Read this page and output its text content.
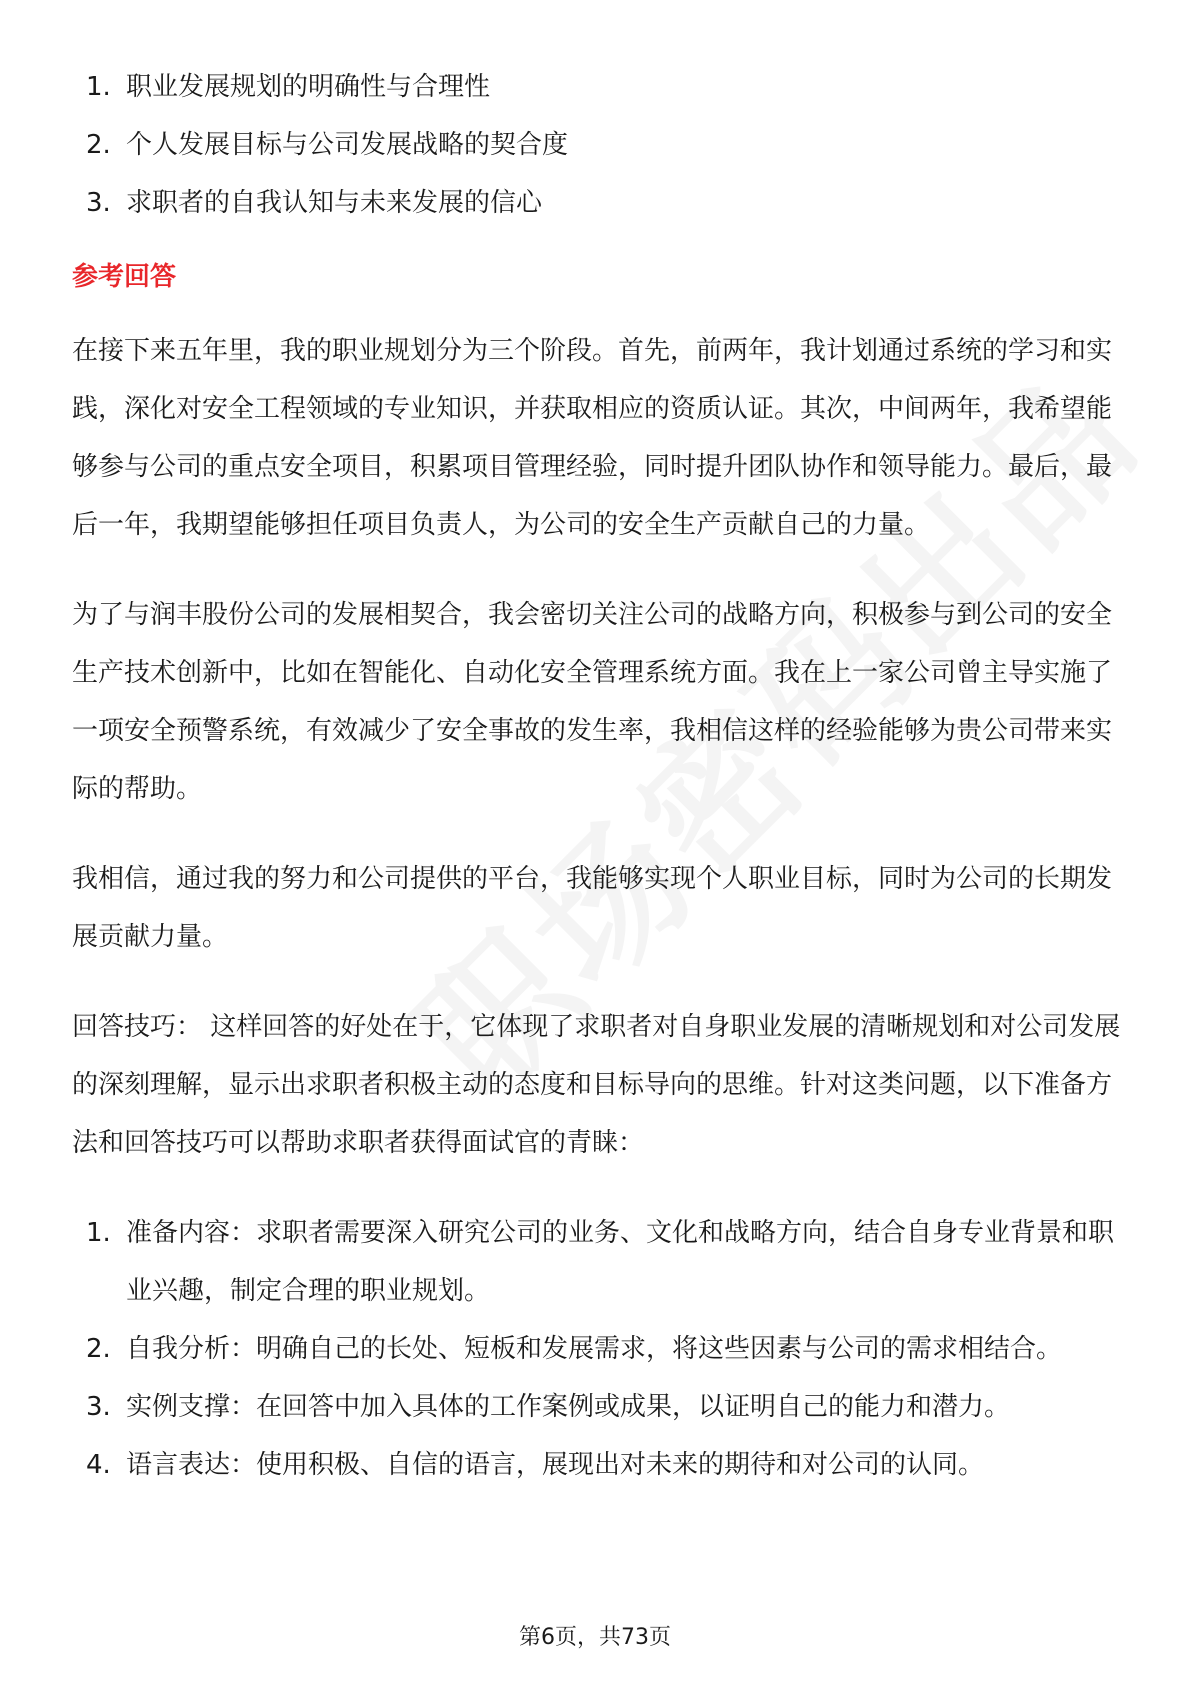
1. 职业发展规划的明确性与合理性
2. 个人发展目标与公司发展战略的契合度
3. 求职者的自我认知与未来发展的信心
参考回答

在接下来五年里，我的职业规划分为三个阶段。首先，前两年，我计划通过系统的学习和实践，深化对安全工程领域的专业知识，并获取相应的资质认证。其次，中间两年，我希望能够参与公司的重点安全项目，积累项目管理经验，同时提升团队协作和领导能力。最后，最后一年，我期望能够担任项目负责人，为公司的安全生产贡献自己的力量。

为了与润丰股份公司的发展相契合，我会密切关注公司的战略方向，积极参与到公司的安全生产技术创新中，比如在智能化、自动化安全管理系统方面。我在上一家公司曾主导实施了一项安全预警系统，有效减少了安全事故的发生率，我相信这样的经验能够为贵公司带来实际的帮助。

我相信，通过我的努力和公司提供的平台，我能够实现个人职业目标，同时为公司的长期发展贡献力量。

回答技巧： 这样回答的好处在于，它体现了求职者对自身职业发展的清晰规划和对公司发展的深刻理解，显示出求职者积极主动的态度和目标导向的思维。针对这类问题，以下准备方法和回答技巧可以帮助求职者获得面试官的青睐：

1. 准备内容：求职者需要深入研究公司的业务、文化和战略方向，结合自身专业背景和职业兴趣，制定合理的职业规划。
2. 自我分析：明确自己的长处、短板和发展需求，将这些因素与公司的需求相结合。
3. 实例支撑：在回答中加入具体的工作案例或成果，以证明自己的能力和潜力。
4. 语言表达：使用积极、自信的语言，展现出对未来的期待和对公司的认同。
第6页，共73页
